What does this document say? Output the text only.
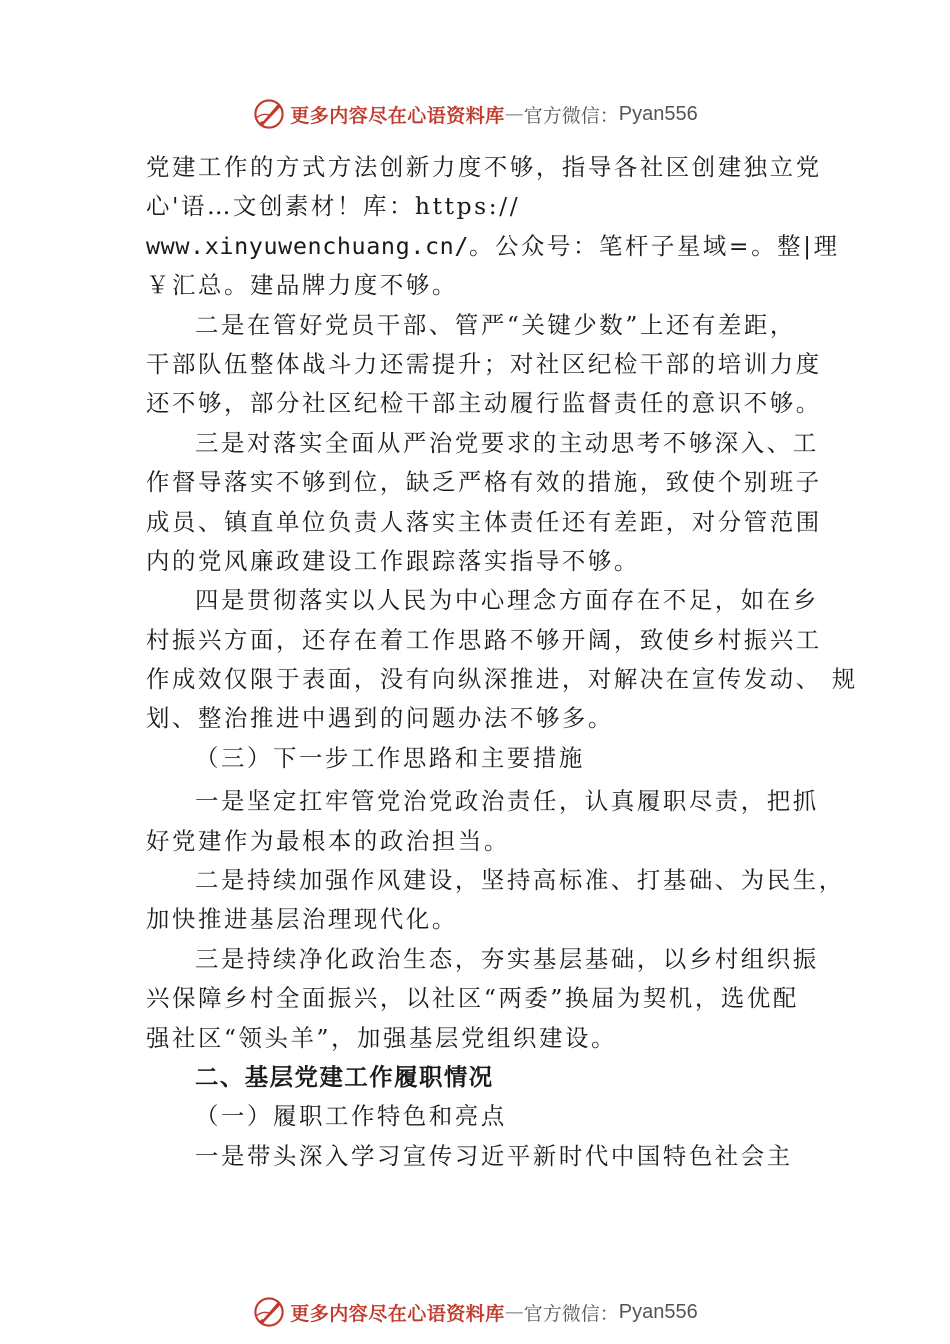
更多内容尽在心语资料库 — 官方微信： Pyan556
党建工作的方式方法创新力度不够，指导各社区创建独立党
心'语…文创素材！库：https://
www.xinyuwenchuang.cn/。公众号：笔杆子星域=。整|理
￥汇总。建品牌力度不够。
二是在管好党员干部、管严“关键少数”上还有差距，
干部队伍整体战斗力还需提升；对社区纪检干部的培训力度
还不够，部分社区纪检干部主动履行监督责任的意识不够。
三是对落实全面从严治党要求的主动思考不够深入、工
作督导落实不够到位，缺乏严格有效的措施，致使个别班子
成员、镇直单位负责人落实主体责任还有差距，对分管范围
内的党风廉政建设工作跟踪落实指导不够。
四是贯彻落实以人民为中心理念方面存在不足，如在乡
村振兴方面，还存在着工作思路不够开阔，致使乡村振兴工
作成效仅限于表面，没有向纵深推进，对解决在宣传发动、 规
划、整治推进中遇到的问题办法不够多。
（三）下一步工作思路和主要措施
一是坚定扛牢管党治党政治责任，认真履职尽责，把抓
好党建作为最根本的政治担当。
二是持续加强作风建设，坚持高标准、打基础、为民生，
加快推进基层治理现代化。
三是持续净化政治生态，夯实基层基础，以乡村组织振
兴保障乡村全面振兴，以社区“两委”换届为契机，选优配
强社区“领头羊”，加强基层党组织建设。
二、基层党建工作履职情况
（一）履职工作特色和亮点
一是带头深入学习宣传习近平新时代中国特色社会主
更多内容尽在心语资料库 — 官方微信： Pyan556
